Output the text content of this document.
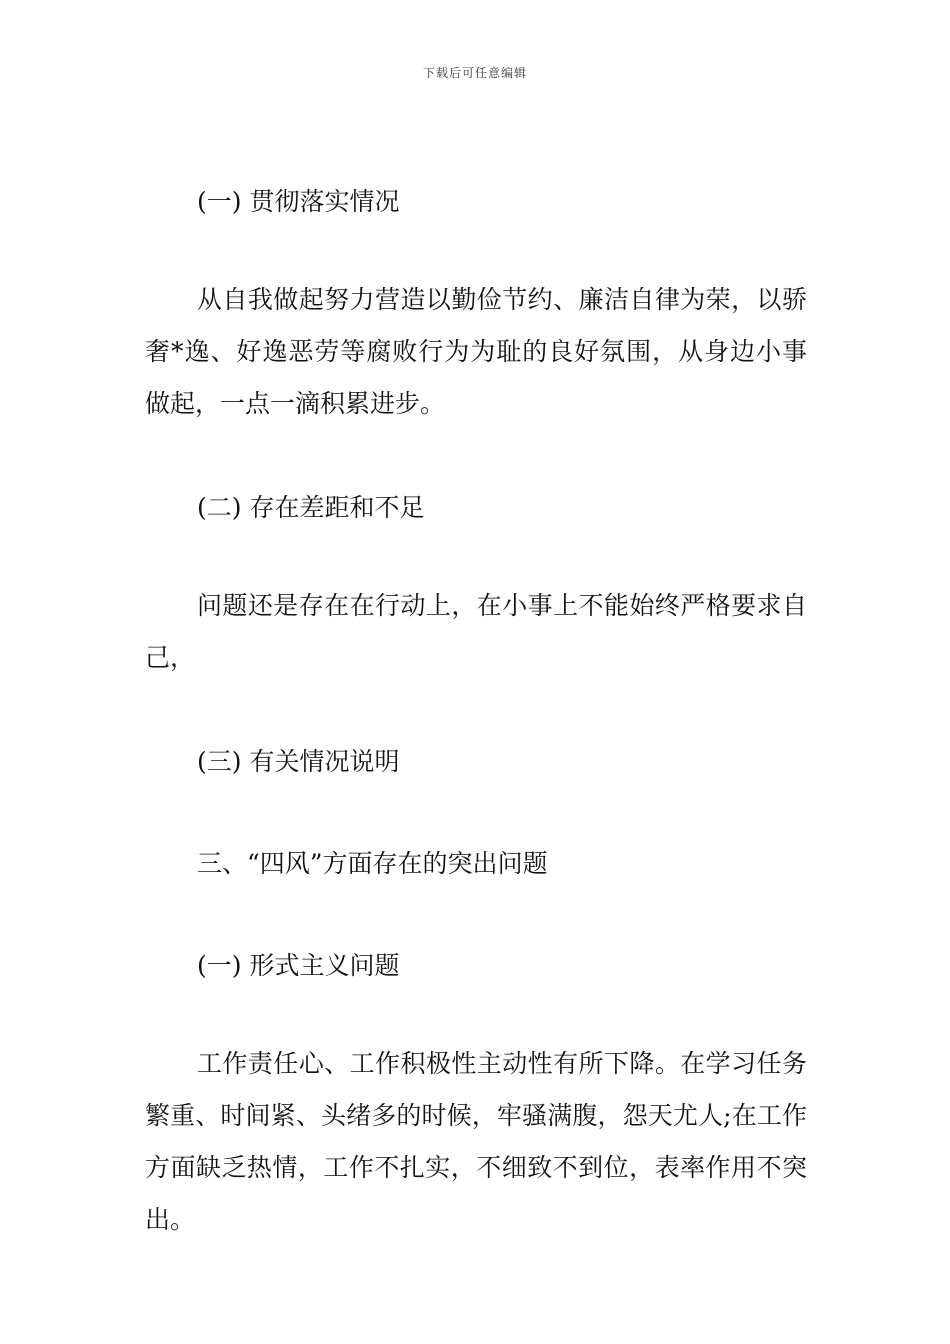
下载后可任意编辑
(一) 贯彻落实情况
从自我做起努力营造以勤俭节约、廉洁自律为荣，以骄奢*逸、好逸恶劳等腐败行为为耻的良好氛围，从身边小事做起，一点一滴积累进步。
(二) 存在差距和不足
问题还是存在在行动上，在小事上不能始终严格要求自己，
(三) 有关情况说明
三、“四风”方面存在的突出问题
(一) 形式主义问题
工作责任心、工作积极性主动性有所下降。在学习任务繁重、时间紧、头绪多的时候，牢骚满腹，怨天尤人;在工作方面缺乏热情，工作不扎实，不细致不到位，表率作用不突出。
